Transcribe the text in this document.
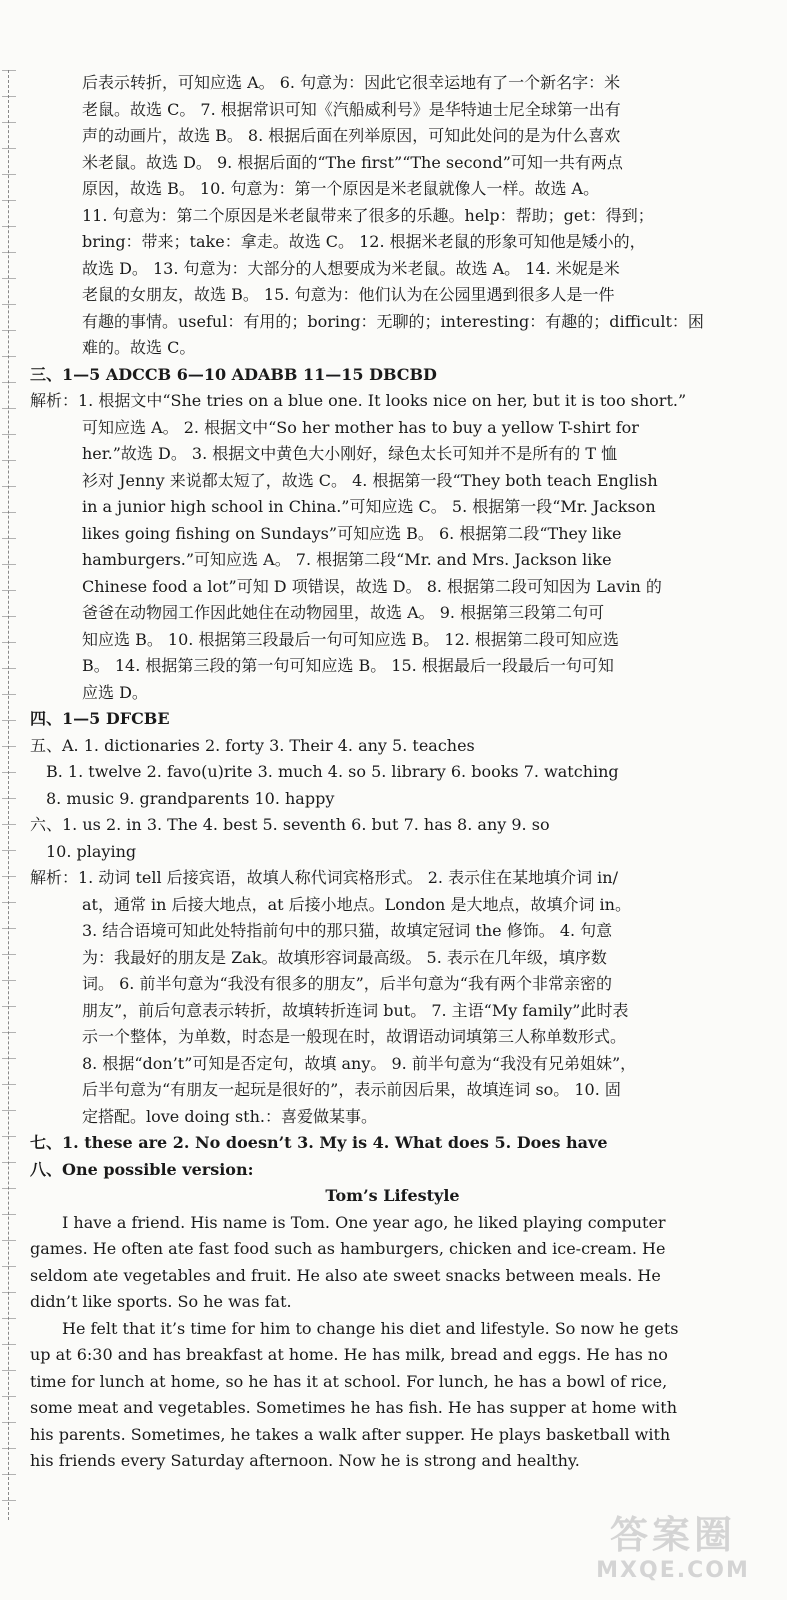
后表示转折，可知应选 A。 6. 句意为：因此它很幸运地有了一个新名字：米
老鼠。故选 C。 7. 根据常识可知《汽船威利号》是华特迪士尼全球第一出有
声的动画片，故选 B。 8. 根据后面在列举原因，可知此处问的是为什么喜欢
米老鼠。故选 D。 9. 根据后面的“The first”“The second”可知一共有两点
原因，故选 B。 10. 句意为：第一个原因是米老鼠就像人一样。故选 A。
11. 句意为：第二个原因是米老鼠带来了很多的乐趣。help：帮助；get：得到；
bring：带来；take：拿走。故选 C。 12. 根据米老鼠的形象可知他是矮小的，
故选 D。 13. 句意为：大部分的人想要成为米老鼠。故选 A。 14. 米妮是米
老鼠的女朋友，故选 B。 15. 句意为：他们认为在公园里遇到很多人是一件
有趣的事情。useful：有用的；boring：无聊的；interesting：有趣的；difficult：困
难的。故选 C。
三、1—5 ADCCB 6—10 ADABB 11—15 DBCBD
解析：1. 根据文中“She tries on a blue one. It looks nice on her, but it is too short.”
可知应选 A。 2. 根据文中“So her mother has to buy a yellow T-shirt for
her.”故选 D。 3. 根据文中黄色大小刚好，绿色太长可知并不是所有的 T 恤
衫对 Jenny 来说都太短了，故选 C。 4. 根据第一段“They both teach English
in a junior high school in China.”可知应选 C。 5. 根据第一段“Mr. Jackson
likes going fishing on Sundays”可知应选 B。 6. 根据第二段“They like
hamburgers.”可知应选 A。 7. 根据第二段“Mr. and Mrs. Jackson like
Chinese food a lot”可知 D 项错误，故选 D。 8. 根据第二段可知因为 Lavin 的
爸爸在动物园工作因此她住在动物园里，故选 A。 9. 根据第三段第二句可
知应选 B。 10. 根据第三段最后一句可知应选 B。 12. 根据第二段可知应选
B。 14. 根据第三段的第一句可知应选 B。 15. 根据最后一段最后一句可知
应选 D。
四、1—5 DFCBE
五、A. 1. dictionaries 2. forty 3. Their 4. any 5. teaches
B. 1. twelve 2. favo(u)rite 3. much 4. so 5. library 6. books 7. watching
8. music 9. grandparents 10. happy
六、1. us 2. in 3. The 4. best 5. seventh 6. but 7. has 8. any 9. so
10. playing
解析：1. 动词 tell 后接宾语，故填人称代词宾格形式。 2. 表示住在某地填介词 in/
at，通常 in 后接大地点，at 后接小地点。London 是大地点，故填介词 in。
3. 结合语境可知此处特指前句中的那只猫，故填定冠词 the 修饰。 4. 句意
为：我最好的朋友是 Zak。故填形容词最高级。 5. 表示在几年级，填序数
词。 6. 前半句意为“我没有很多的朋友”，后半句意为“我有两个非常亲密的
朋友”，前后句意表示转折，故填转折连词 but。 7. 主语“My family”此时表
示一个整体，为单数，时态是一般现在时，故谓语动词填第三人称单数形式。
8. 根据“don’t”可知是否定句，故填 any。 9. 前半句意为“我没有兄弟姐妹”，
后半句意为“有朋友一起玩是很好的”，表示前因后果，故填连词 so。 10. 固
定搭配。love doing sth.：喜爱做某事。
七、1. these are 2. No doesn’t 3. My is 4. What does 5. Does have
八、One possible version:
Tom’s Lifestyle
I have a friend. His name is Tom. One year ago, he liked playing computer
games. He often ate fast food such as hamburgers, chicken and ice-cream. He
seldom ate vegetables and fruit. He also ate sweet snacks between meals. He
didn’t like sports. So he was fat.
He felt that it’s time for him to change his diet and lifestyle. So now he gets
up at 6:30 and has breakfast at home. He has milk, bread and eggs. He has no
time for lunch at home, so he has it at school. For lunch, he has a bowl of rice,
some meat and vegetables. Sometimes he has fish. He has supper at home with
his parents. Sometimes, he takes a walk after supper. He plays basketball with
his friends every Saturday afternoon. Now he is strong and healthy.
答案圈
MXQE.COM
